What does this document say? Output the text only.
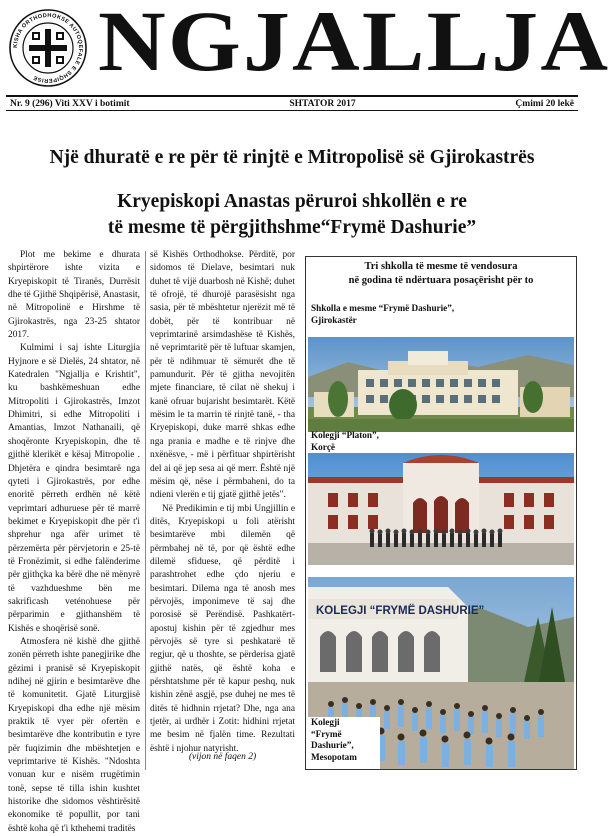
KISHA ORTHODHOKSE AUTOQEFALE E SHQIPERISE NGJALLJA
Nr. 9 (296) Viti XXV i botimit	SHTATOR 2017	Çmimi 20 lekë
Një dhuratë e re për të rinjtë e Mitropolisë së Gjirokastrës
Kryepiskopi Anastas përuroi shkollën e re
të mesme të përgjithshme“Frymë Dashurie”

Plot me bekime e dhurata shpirtërore ishte vizita e Kryepiskopit të Tiranës, Durrësit dhe të Gjithë Shqipërisë, Anastasit, në Mitropolinë e Hirshme të Gjirokastrës, nga 23-25 shtator 2017.

Kulmimi i saj ishte Liturgjia Hyjnore e së Dielës, 24 shtator, në Katedralen "Ngjallja e Krishtit", ku bashkëmeshuan edhe Mitropoliti i Gjirokastrës, Imzot Dhimitri, si edhe Mitropoliti i Amantias, Imzot Nathanaili, që shoqëronte Kryepiskopin, dhe të gjithë klerikët e kësaj Mitropolie . Dhjetëra e qindra besimtarë nga qyteti i Gjirokastrës, por edhe enoritë përreth erdhën në këtë veprimtari adhuruese për të marrë bekimet e Kryepiskopit dhe për t'i shprehur nga afër urimet të përzemërta për përvjetorin e 25-të të Fronëzimit, si edhe falënderime për gjithçka ka bërë dhe në mënyrë të vazhdueshme bën me sakrificash veténohuese për përparimin e gjithanshëm të Kishës e shoqërisë sonë.

Atmosfera në kishë dhe gjithë zonën përreth ishte panegjirike dhe gëzimi i pranisë së Kryepiskopit ndihej në gjirin e besimtarëve dhe të komunitetit. Gjatë Liturgjisë Kryepiskopi dha edhe një mësim praktik të vyer për ofertën e besimtarëve dhe kontributin e tyre për fuqizimin dhe mbështetjen e veprimtarive të Kishës. "Ndoshta vonuan kur e nisëm rrugëtimin tonë, sepse të tilla ishin kushtet historike dhe sidomos vështirësitë ekonomike të popullit, por tani është koha që t'i kthehemi traditës

së Kishës Orthodhokse. Përditë, por sidomos të Dielave, besimtari nuk duhet të vijë duarbosh në Kishë; duhet të ofrojë, të dhurojë parasësisht nga sasia, për të mbështetur njerëzit më të dobët, për të kontribuar në veprimtarinë arsimdashëse të Kishës, në veprimtaritë për të luftuar skamjen, për të ndihmuar të sëmurët dhe të pamundurit. Për të gjitha nevojitën mjete financiare, të cilat në shekuj i kanë ofruar bujarisht besimtarët. Këtë mësim le ta marrin të rinjtë tanë, - tha Kryepiskopi, duke marrë shkas edhe nga prania e madhe e të rinjve dhe nxënësve, - më i përfituar shpirtërisht del ai që jep sesa ai që merr. Është një mësim që, nëse i përmbaheni, do ta ndieni vlerën e tij gjatë gjithë jetës".

Në Predikimin e tij mbi Ungjillin e ditës, Kryepiskopi u foli atërisht besimtarëve mbi dilemën që përmbahej në të, por që është edhe dilemë sfiduese, që përditë i parashtrohet edhe çdo njeriu e besimtari. Dilema nga të anosh mes përvojës, imponimeve të saj dhe porosisë së Perëndisë. Pashkatërt-apostuj kishin për të zgjedhur mes përvojës së tyre si peshkatarë të regjur, që u thoshte, se përderisa gjatë gjithë natës, që është koha e përshtatshme për të kapur peshq, nuk kishin zënë asgjë, pse duhej ne mes të ditës të hidhnin rrjetat? Dhe, nga ana tjetër, ai urdhër i Zotit: hidhini rrjetat me besim në fjalën time. Rezultati është i njohur natyrisht.

(vijon në faqen 2)
Tri shkolla të mesme të vendosura
në godina të ndërtuara posaçërisht për to
Shkolla e mesme “Frymë Dashurie”,
Gjirokastër
Kolegji “Platon”,
Korçë
KOLEGJI “FRYMË DASHURIE”
Kolegji
“Frymë Dashurie”,
Mesopotam
